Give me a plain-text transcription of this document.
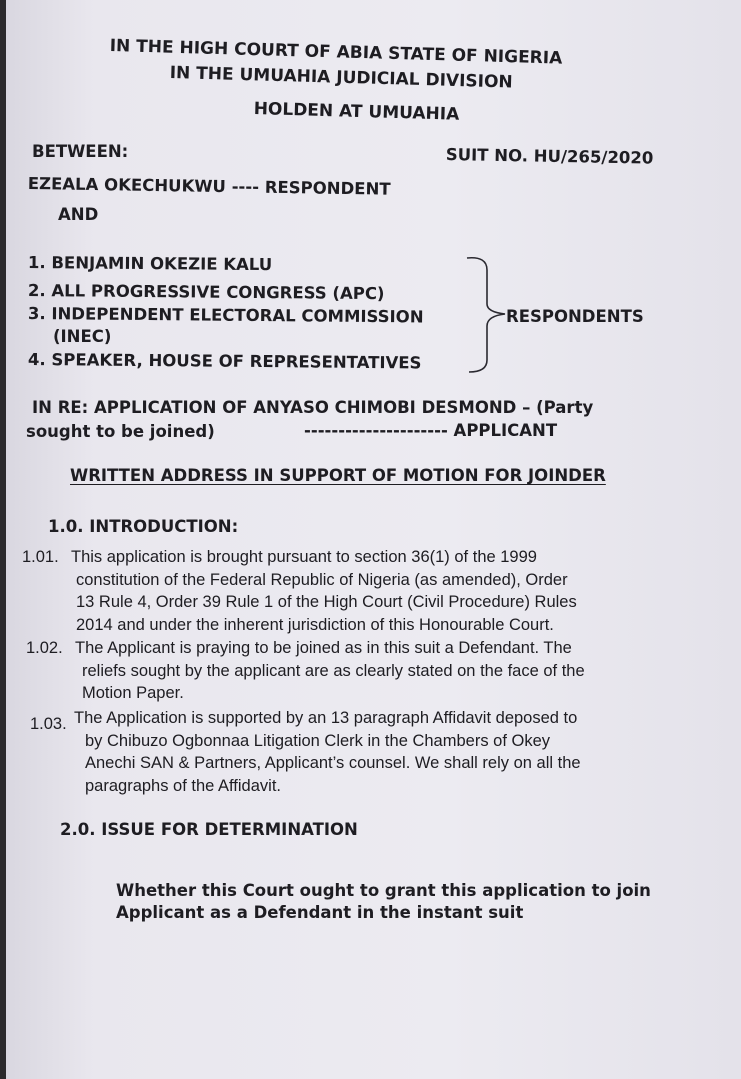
IN THE HIGH COURT OF ABIA STATE OF NIGERIA
IN THE UMUAHIA JUDICIAL DIVISION
HOLDEN AT UMUAHIA
BETWEEN:	SUIT NO. HU/265/2020
EZEALA OKECHUKWU ---- RESPONDENT
AND
1. BENJAMIN OKEZIE KALU
2. ALL PROGRESSIVE CONGRESS (APC)
3. INDEPENDENT ELECTORAL COMMISSION
(INEC)
4. SPEAKER, HOUSE OF REPRESENTATIVES
RESPONDENTS
IN RE: APPLICATION OF ANYASO CHIMOBI DESMOND – (Party
sought to be joined)	--------------------- APPLICANT
WRITTEN ADDRESS IN SUPPORT OF MOTION FOR JOINDER
1.0. INTRODUCTION:
1.01. This application is brought pursuant to section 36(1) of the 1999
constitution of the Federal Republic of Nigeria (as amended), Order
13 Rule 4, Order 39 Rule 1 of the High Court (Civil Procedure) Rules
2014 and under the inherent jurisdiction of this Honourable Court.
1.02. The Applicant is praying to be joined as in this suit a Defendant. The
reliefs sought by the applicant are as clearly stated on the face of the
Motion Paper.
1.03. The Application is supported by an 13 paragraph Affidavit deposed to
by Chibuzo Ogbonnaa Litigation Clerk in the Chambers of Okey
Anechi SAN & Partners, Applicant’s counsel. We shall rely on all the
paragraphs of the Affidavit.
2.0. ISSUE FOR DETERMINATION
Whether this Court ought to grant this application to join
Applicant as a Defendant in the instant suit
